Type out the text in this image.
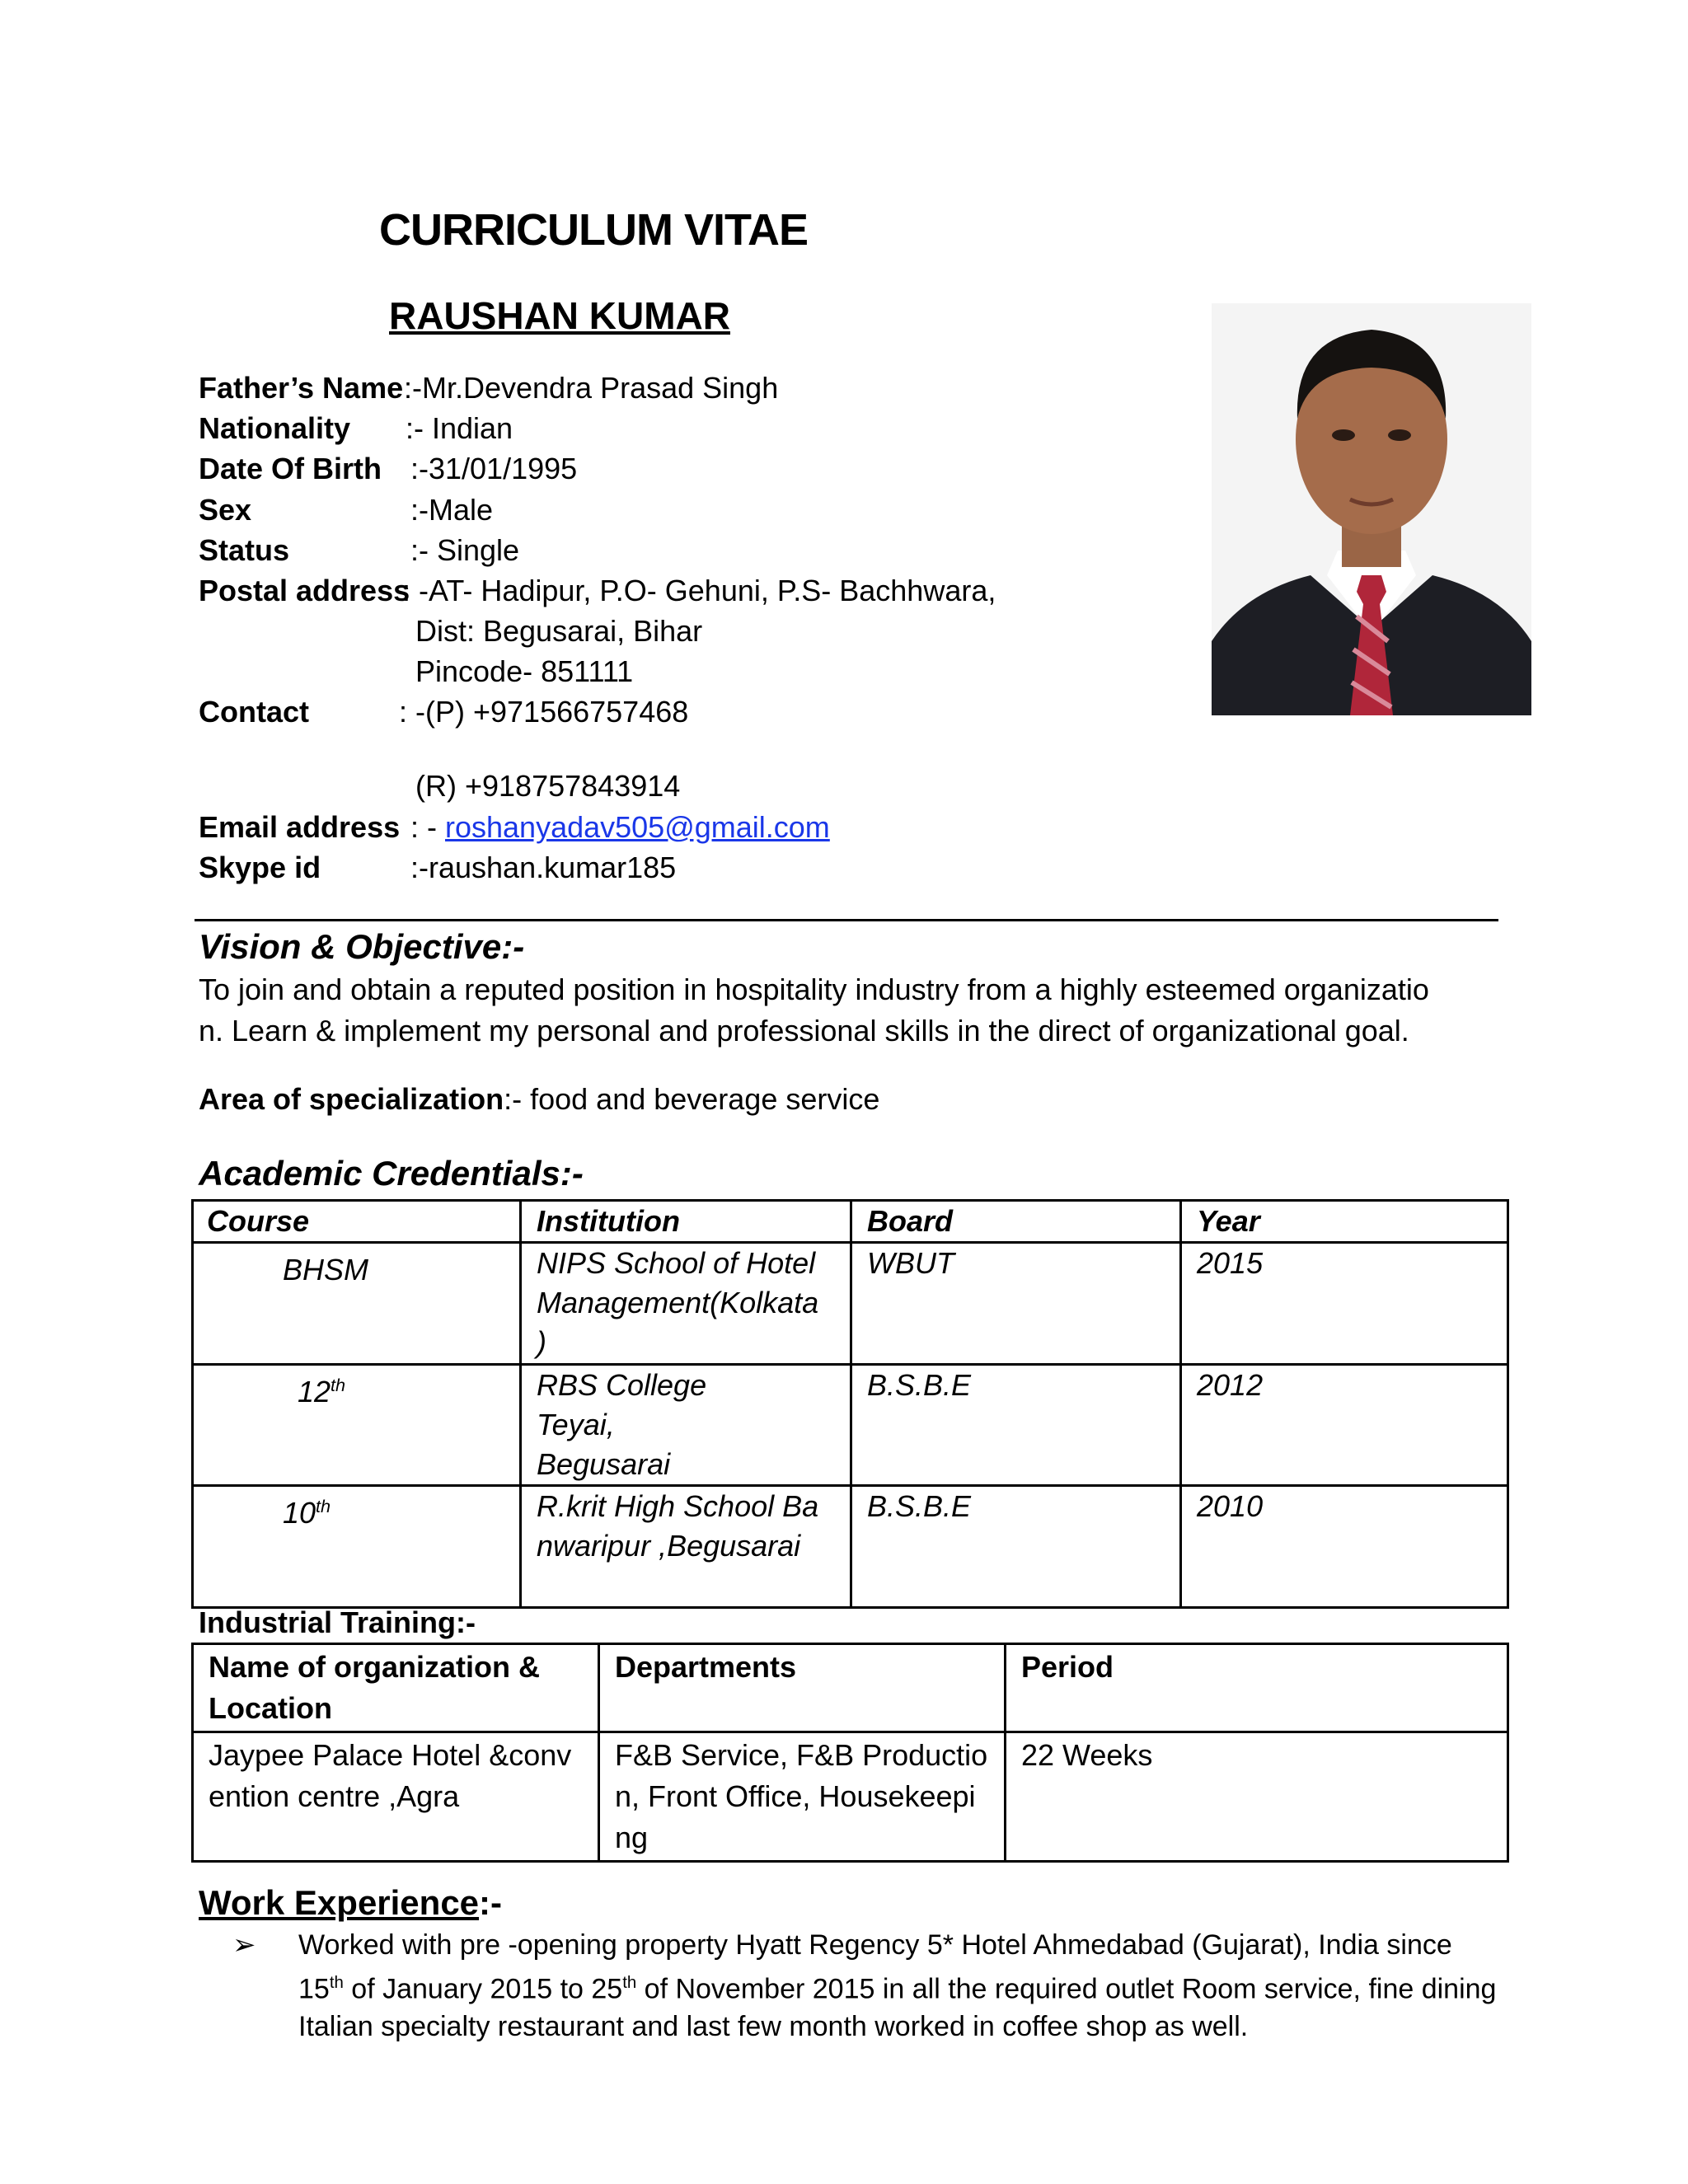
CURRICULUM VITAE
RAUSHAN KUMAR
Father’s Name :-Mr.Devendra Prasad Singh
Nationality :- Indian
Date Of Birth :-31/01/1995
Sex	:-Male
Status	:- Single
Postal address
: -AT- Hadipur, P.O- Gehuni, P.S- Bachhwara,
Dist: Begusarai, Bihar
Pincode- 851111
Contact	: -(P) +971566757468
(R) +918757843914
Email address : - roshanyadav505@gmail.com
Skype id	:-raushan.kumar185
Vision & Objective:-
To join and obtain a reputed position in hospitality industry from a highly esteemed organizatio
n. Learn & implement my personal and professional skills in the direct of organizational goal.
Area of specialization:- food and beverage service
Academic Credentials:-
Course	Institution	Board	Year
BHSM	NIPS School of Hotel Management(Kolkata )	WBUT	2015
12th	RBS College Teyai, Begusarai	B.S.B.E	2012
10th	R.krit High School Banwaripur ,Begusarai	B.S.B.E	2010
Industrial Training:-
Name of organization & Location	Departments	Period
Jaypee Palace Hotel &convention centre ,Agra	F&B Service, F&B Production, Front Office, Housekeeping	22 Weeks
Work Experience:-
➢ Worked with pre -opening property Hyatt Regency 5* Hotel Ahmedabad (Gujarat), India since 15th of January 2015 to 25th of November 2015 in all the required outlet Room service, fine dining Italian specialty restaurant and last few month worked in coffee shop as well.
